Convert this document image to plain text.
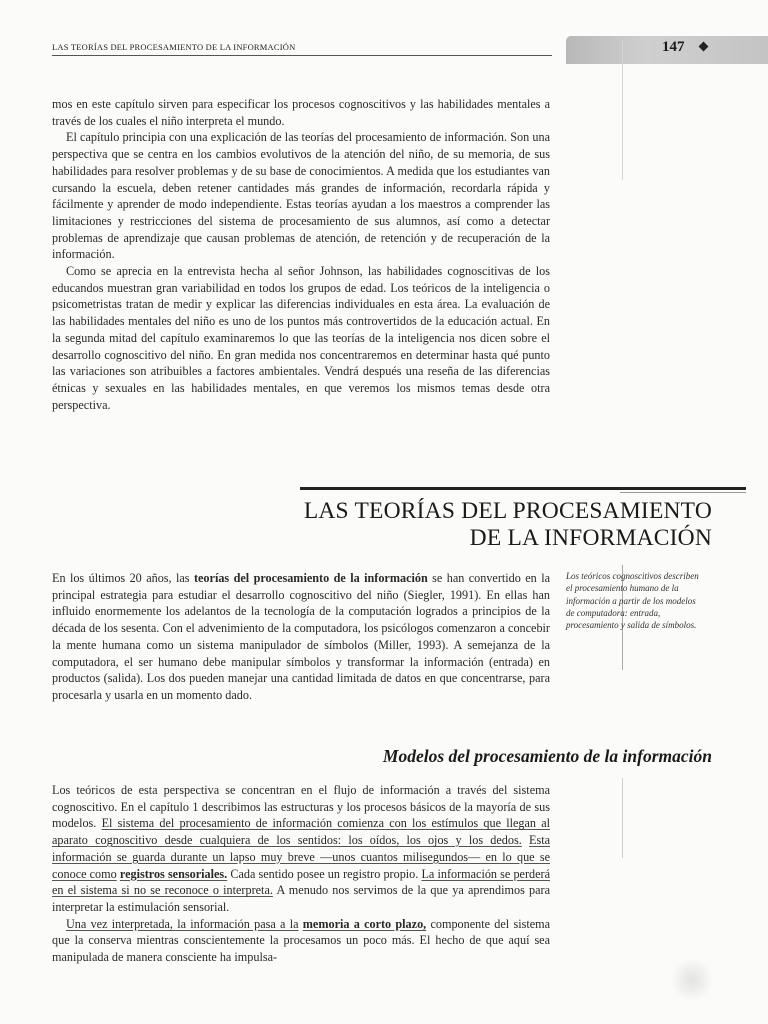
LAS TEORÍAS DEL PROCESAMIENTO DE LA INFORMACIÓN	147

mos en este capítulo sirven para especificar los procesos cognoscitivos y las habilidades mentales a través de los cuales el niño interpreta el mundo.

El capítulo principia con una explicación de las teorías del procesamiento de información. Son una perspectiva que se centra en los cambios evolutivos de la atención del niño, de su memoria, de sus habilidades para resolver problemas y de su base de conocimientos. A medida que los estudiantes van cursando la escuela, deben retener cantidades más grandes de información, recordarla rápida y fácilmente y aprender de modo independiente. Estas teorías ayudan a los maestros a comprender las limitaciones y restricciones del sistema de procesamiento de sus alumnos, así como a detectar problemas de aprendizaje que causan problemas de atención, de retención y de recuperación de la información.

Como se aprecia en la entrevista hecha al señor Johnson, las habilidades cognoscitivas de los educandos muestran gran variabilidad en todos los grupos de edad. Los teóricos de la inteligencia o psicometristas tratan de medir y explicar las diferencias individuales en esta área. La evaluación de las habilidades mentales del niño es uno de los puntos más controvertidos de la educación actual. En la segunda mitad del capítulo examinaremos lo que las teorías de la inteligencia nos dicen sobre el desarrollo cognoscitivo del niño. En gran medida nos concentraremos en determinar hasta qué punto las variaciones son atribuibles a factores ambientales. Vendrá después una reseña de las diferencias étnicas y sexuales en las habilidades mentales, en que veremos los mismos temas desde otra perspectiva.

LAS TEORÍAS DEL PROCESAMIENTO
DE LA INFORMACIÓN

En los últimos 20 años, las teorías del procesamiento de la información se han convertido en la principal estrategia para estudiar el desarrollo cognoscitivo del niño (Siegler, 1991). En ellas han influido enormemente los adelantos de la tecnología de la computación logrados a principios de la década de los sesenta. Con el advenimiento de la computadora, los psicólogos comenzaron a concebir la mente humana como un sistema manipulador de símbolos (Miller, 1993). A semejanza de la computadora, el ser humano debe manipular símbolos y transformar la información (entrada) en productos (salida). Los dos pueden manejar una cantidad limitada de datos en que concentrarse, para procesarla y usarla en un momento dado.

Los teóricos cognoscitivos describen el procesamiento humano de la información a partir de los modelos de computadora: entrada, procesamiento y salida de símbolos.

Modelos del procesamiento de la información

Los teóricos de esta perspectiva se concentran en el flujo de información a través del sistema cognoscitivo. En el capítulo 1 describimos las estructuras y los procesos básicos de la mayoría de sus modelos. El sistema del procesamiento de información comienza con los estímulos que llegan al aparato cognoscitivo desde cualquiera de los sentidos: los oídos, los ojos y los dedos. Esta información se guarda durante un lapso muy breve —unos cuantos milisegundos— en lo que se conoce como registros sensoriales. Cada sentido posee un registro propio. La información se perderá en el sistema si no se reconoce o interpreta. A menudo nos servimos de la que ya aprendimos para interpretar la estimulación sensorial.

Una vez interpretada, la información pasa a la memoria a corto plazo, componente del sistema que la conserva mientras conscientemente la procesamos un poco más. El hecho de que aquí sea manipulada de manera consciente ha impulsa-
